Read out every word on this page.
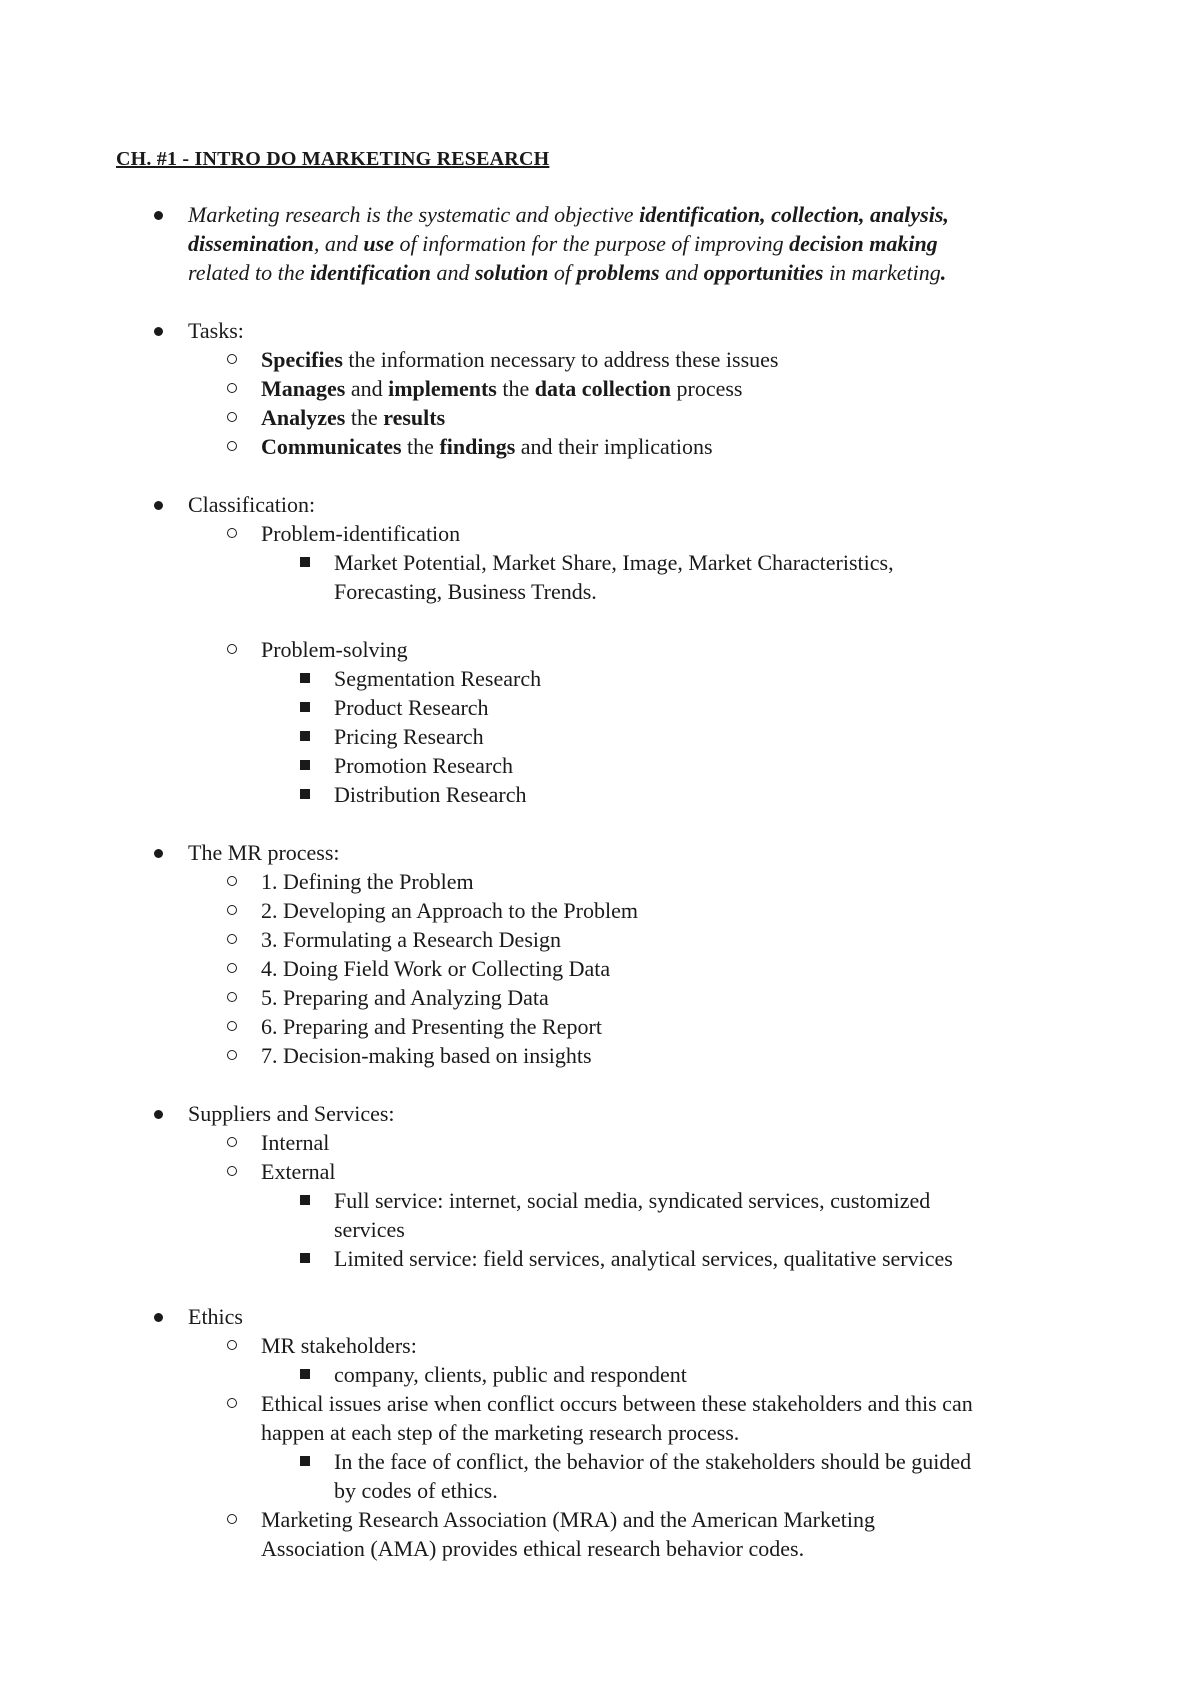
CH. #1 - INTRO DO MARKETING RESEARCH
Marketing research is the systematic and objective identification, collection, analysis,
dissemination, and use of information for the purpose of improving decision making
related to the identification and solution of problems and opportunities in marketing.
Tasks:
Specifies the information necessary to address these issues
Manages and implements the data collection process
Analyzes the results
Communicates the findings and their implications
Classification:
Problem-identification
Market Potential, Market Share, Image, Market Characteristics,
Forecasting, Business Trends.
Problem-solving
Segmentation Research
Product Research
Pricing Research
Promotion Research
Distribution Research
The MR process:
1. Defining the Problem
2. Developing an Approach to the Problem
3. Formulating a Research Design
4. Doing Field Work or Collecting Data
5. Preparing and Analyzing Data
6. Preparing and Presenting the Report
7. Decision-making based on insights
Suppliers and Services:
Internal
External
Full service: internet, social media, syndicated services, customized
services
Limited service: field services, analytical services, qualitative services
Ethics
MR stakeholders:
company, clients, public and respondent
Ethical issues arise when conflict occurs between these stakeholders and this can
happen at each step of the marketing research process.
In the face of conflict, the behavior of the stakeholders should be guided
by codes of ethics.
Marketing Research Association (MRA) and the American Marketing
Association (AMA) provides ethical research behavior codes.
